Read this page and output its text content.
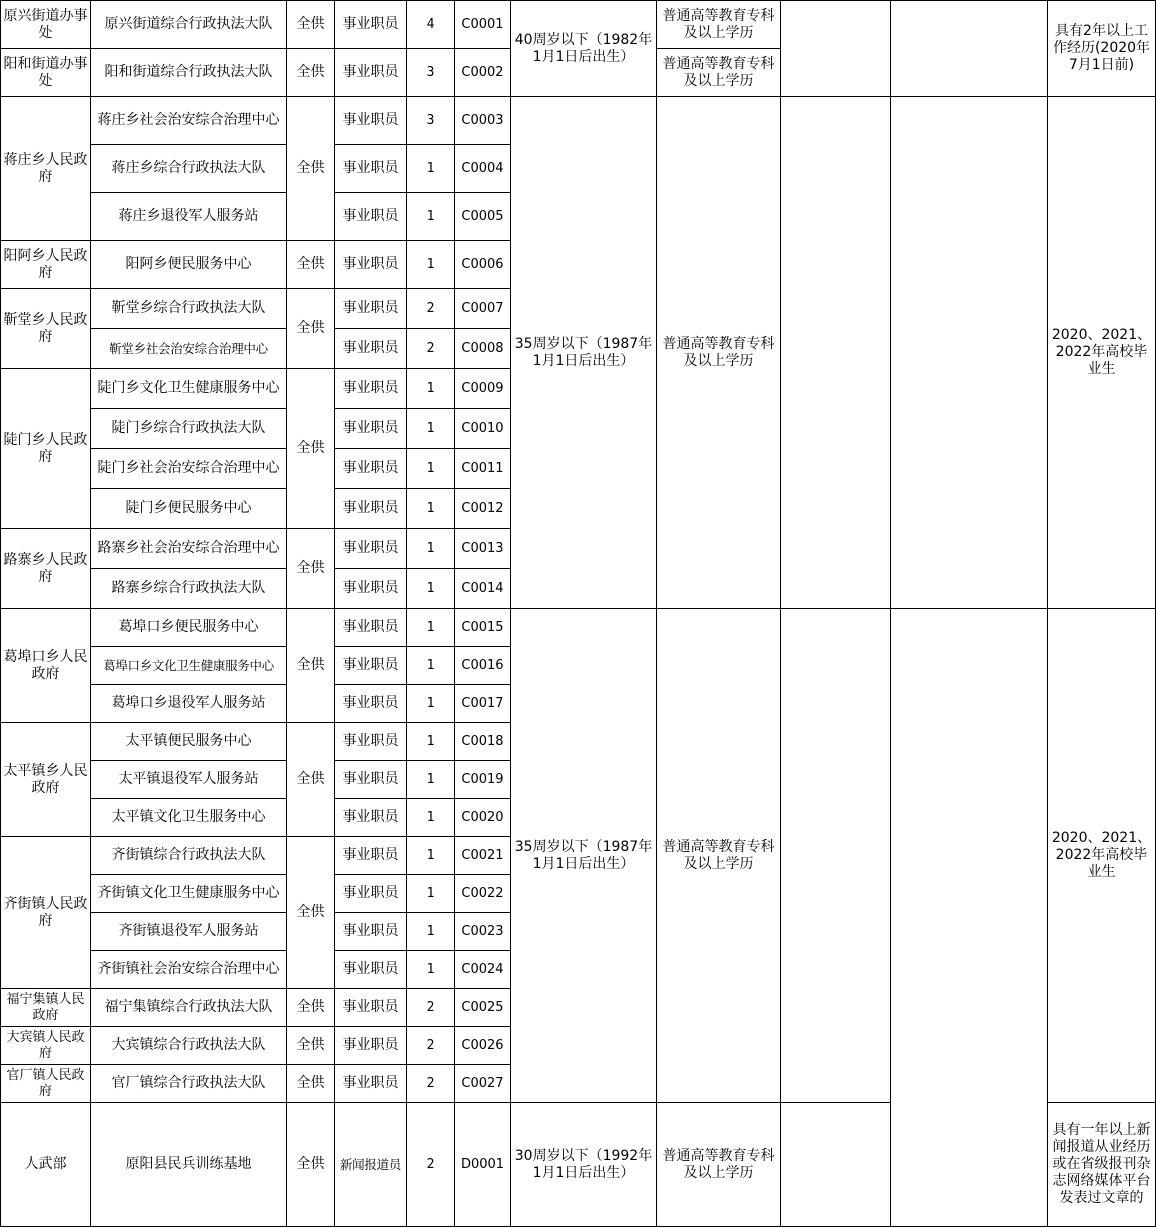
原兴街道办事处	原兴街道综合行政执法大队	全供	事业职员	4	C0001	40周岁以下（1982年1月1日后出生）	普通高等教育专科及以上学历			具有2年以上工作经历(2020年7月1日前)
阳和街道办事处	阳和街道综合行政执法大队	全供	事业职员	3	C0002		普通高等教育专科及以上学历			
蒋庄乡人民政府	蒋庄乡社会治安综合治理中心	全供	事业职员	3	C0003	35周岁以下（1987年1月1日后出生）	普通高等教育专科及以上学历			2020、2021、2022年高校毕业生
	蒋庄乡综合行政执法大队		事业职员	1	C0004					
	蒋庄乡退役军人服务站		事业职员	1	C0005					
阳阿乡人民政府	阳阿乡便民服务中心	全供	事业职员	1	C0006					
靳堂乡人民政府	靳堂乡综合行政执法大队	全供	事业职员	2	C0007					
	靳堂乡社会治安综合治理中心		事业职员	2	C0008					
陡门乡人民政府	陡门乡文化卫生健康服务中心	全供	事业职员	1	C0009					
	陡门乡综合行政执法大队		事业职员	1	C0010					
	陡门乡社会治安综合治理中心		事业职员	1	C0011					
	陡门乡便民服务中心		事业职员	1	C0012					
路寨乡人民政府	路寨乡社会治安综合治理中心	全供	事业职员	1	C0013					
	路寨乡综合行政执法大队		事业职员	1	C0014					
葛埠口乡人民政府	葛埠口乡便民服务中心	全供	事业职员	1	C0015	35周岁以下（1987年1月1日后出生）	普通高等教育专科及以上学历			2020、2021、2022年高校毕业生
	葛埠口乡文化卫生健康服务中心		事业职员	1	C0016					
	葛埠口乡退役军人服务站		事业职员	1	C0017					
太平镇乡人民政府	太平镇便民服务中心	全供	事业职员	1	C0018					
	太平镇退役军人服务站		事业职员	1	C0019					
	太平镇文化卫生服务中心		事业职员	1	C0020					
齐街镇人民政府	齐街镇综合行政执法大队	全供	事业职员	1	C0021					
	齐街镇文化卫生健康服务中心		事业职员	1	C0022					
	齐街镇退役军人服务站		事业职员	1	C0023					
	齐街镇社会治安综合治理中心		事业职员	1	C0024					
福宁集镇人民政府	福宁集镇综合行政执法大队	全供	事业职员	2	C0025					
大宾镇人民政府	大宾镇综合行政执法大队	全供	事业职员	2	C0026					
官厂镇人民政府	官厂镇综合行政执法大队	全供	事业职员	2	C0027					
人武部	原阳县民兵训练基地	全供	新闻报道员	2	D0001	30周岁以下（1992年1月1日后出生）	普通高等教育专科及以上学历			具有一年以上新闻报道从业经历或在省级报刊杂志网络媒体平台发表过文章的
